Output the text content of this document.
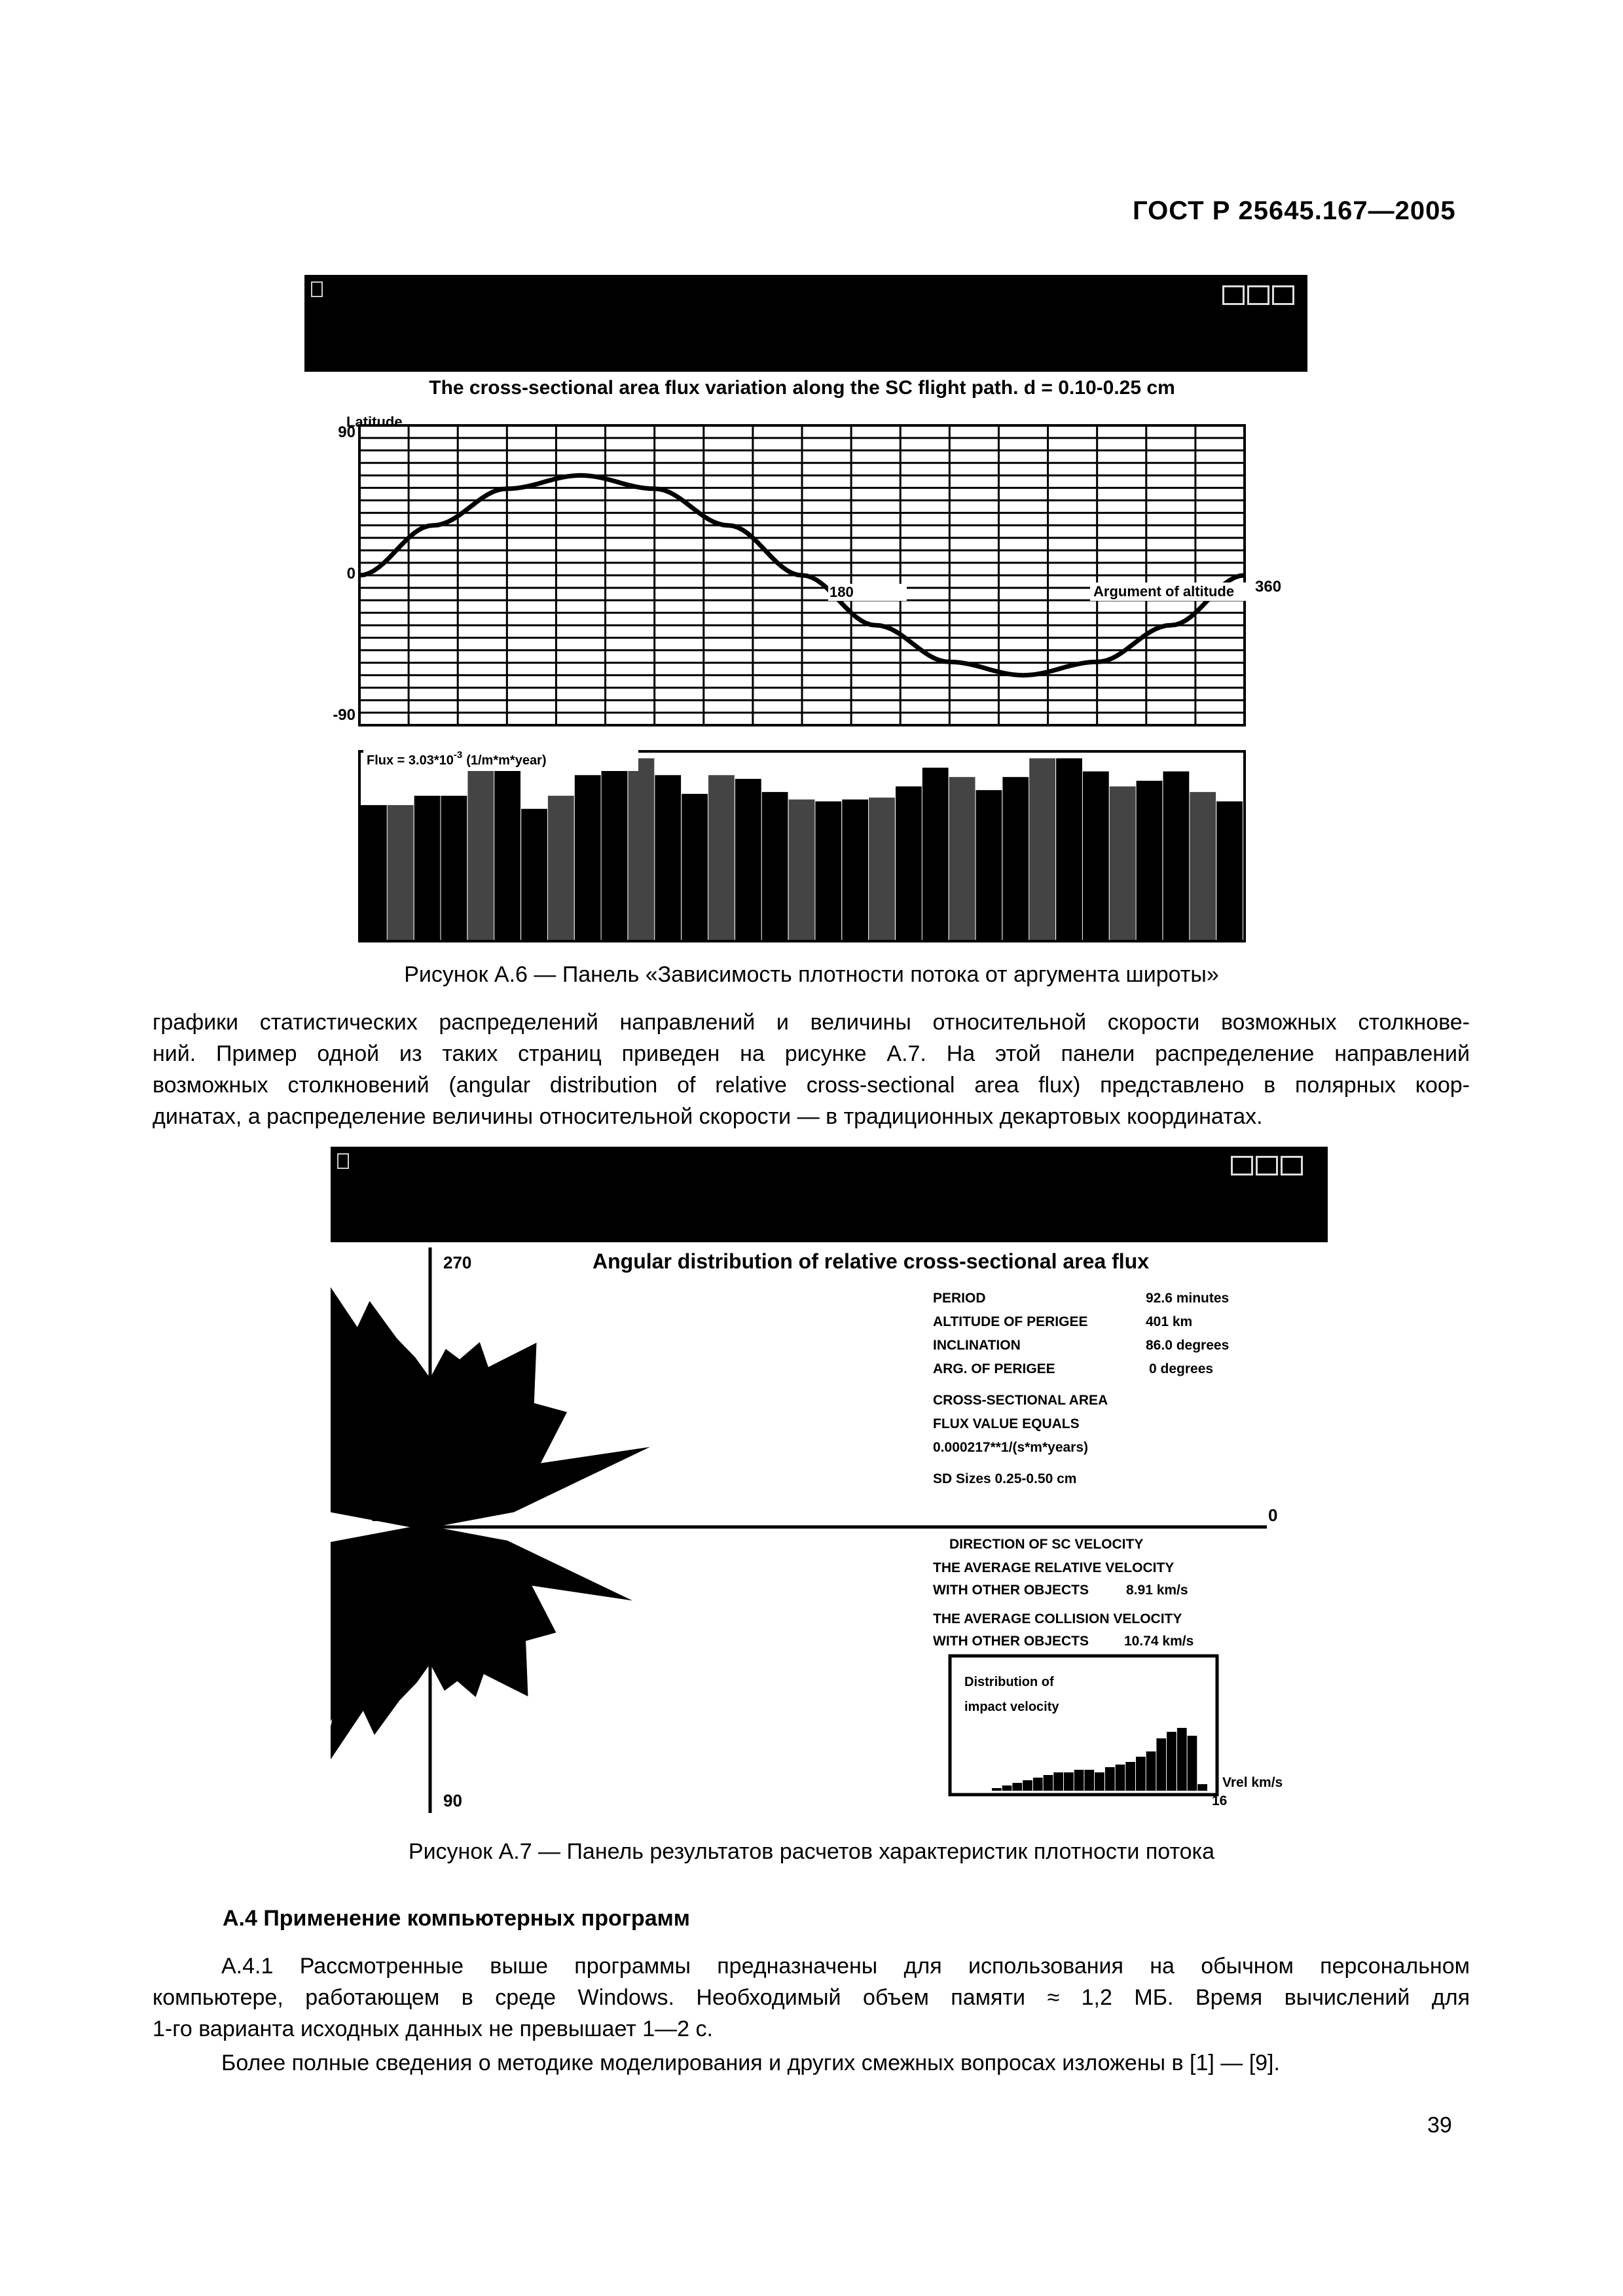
ГОСТ Р 25645.167—2005
The cross-sectional area flux variation along the SC flight path. d = 0.10-0.25 cm
Latitude
90
0
-90
180	Argument of altitude 360
Flux = $3.03*10^{-3}$ (1/m*m*year)
Рисунок А.6 — Панель «Зависимость плотности потока от аргумента широты»
графики статистических распределений направлений и величины относительной скорости возможных столкнове-
ний. Пример одной из таких страниц приведен на рисунке А.7. На этой панели распределение направлений
возможных столкновений (angular distribution of relative cross-sectional area flux) представлено в полярных коор-
динатах, а распределение величины относительной скорости — в традиционных декартовых координатах.
270
180	0
90
Angular distribution of relative cross-sectional area flux
PERIOD	92.6 minutes
ALTITUDE OF PERIGEE	401 km
INCLINATION	86.0 degrees
ARG. OF PERIGEE	0 degrees
CROSS-SECTIONAL AREA
FLUX VALUE EQUALS
0.000217**1/(s*m*years)
SD Sizes 0.25-0.50 cm
DIRECTION OF SC VELOCITY
THE AVERAGE RELATIVE VELOCITY
WITH OTHER OBJECTS	8.91 km/s
THE AVERAGE COLLISION VELOCITY
WITH OTHER OBJECTS	10.74 km/s
Distribution of
impact velocity
Vrel km/s
16
Рисунок А.7 — Панель результатов расчетов характеристик плотности потока
А.4 Применение компьютерных программ
А.4.1 Рассмотренные выше программы предназначены для использования на обычном персональном
компьютере, работающем в среде Windows. Необходимый объем памяти ≈ 1,2 МБ. Время вычислений для
1-го варианта исходных данных не превышает 1—2 с.
Более полные сведения о методике моделирования и других смежных вопросах изложены в [1] — [9].
39
